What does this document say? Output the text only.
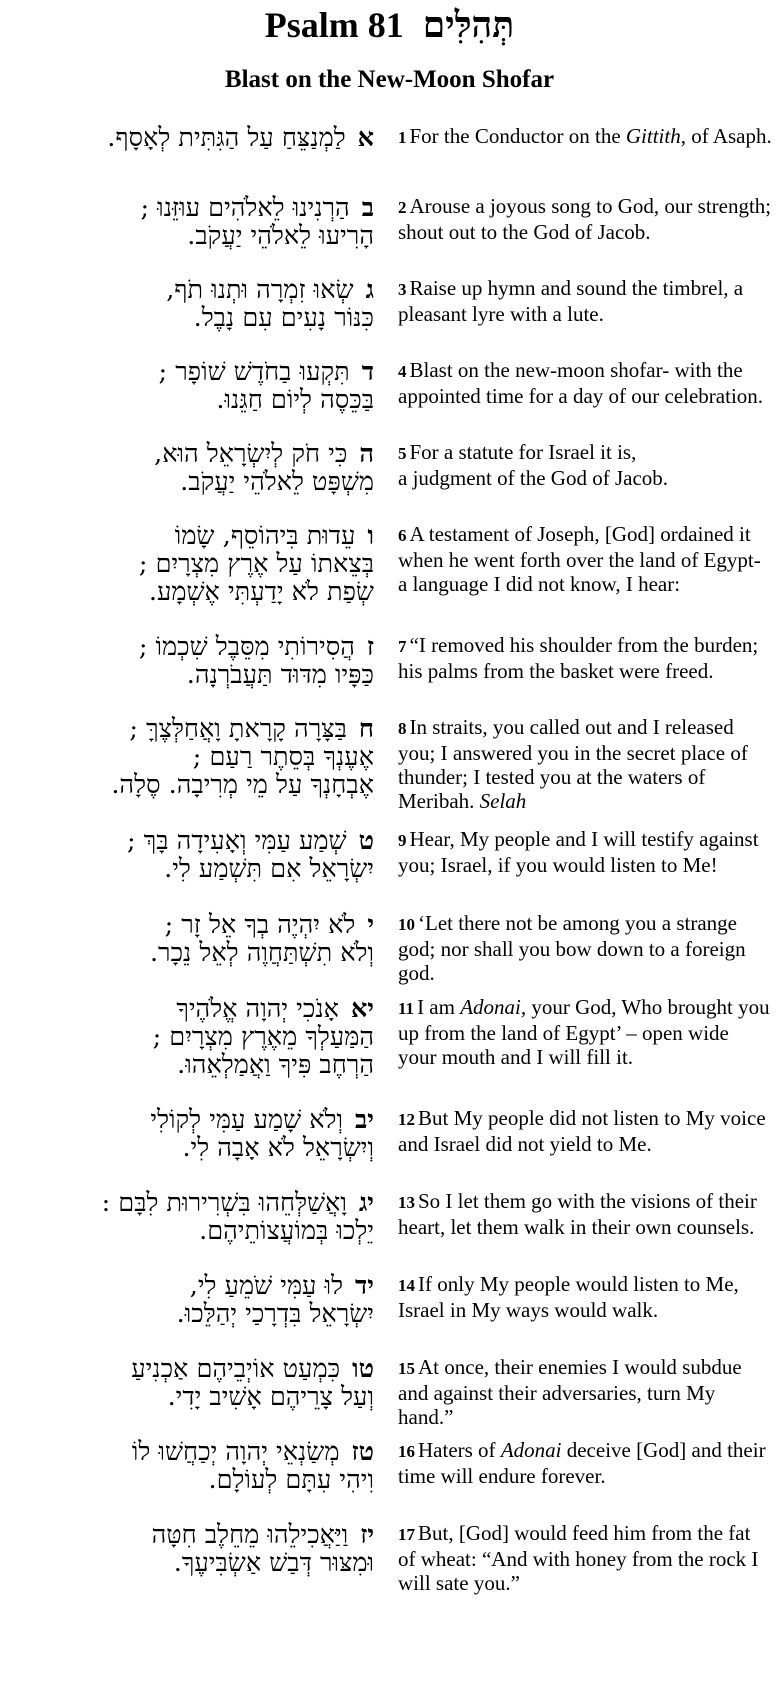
Psalm 81 תְּהִלִּים
Blast on the New-Moon Shofar
אלַמְנַצֵּחַ עַל הַגִּתִּית לְאָסָף.	1 For the Conductor on the Gittith, of Asaph.
בהַרְנִינוּ לֵאלֹהִים עוּזֵּנוּ ;
הָרִיעוּ לֵאלֹהֵי יַעֲקֹב.
2 Arouse a joyous song to God, our strength; shout out to the God of Jacob.
גשְׂאוּ זִמְרָה וּתְנוּ תֹף,
כִּנּוֹר נָעִים עִם נָבֶל.
3 Raise up hymn and sound the timbrel, a pleasant lyre with a lute.
דתִּקְעוּ בַחֹדֶשׁ שׁוֹפָר ;
בַּכֵּסֶה לְיוֹם חַגֵּנוּ.
4 Blast on the new-moon shofar- with the appointed time for a day of our celebration.
הכִּי חֹק לְיִשְׂרָאֵל הוּא,
מִשְׁפָּט לֵאלֹהֵי יַעֲקֹב.
5 For a statute for Israel it is,
a judgment of the God of Jacob.
ועֵדוּת בִּיהוֹסֵף, שָׂמוֹ
בְּצֵאתוֹ עַל אֶרֶץ מִצְרָיִם ;
שְׂפַת לֹא יָדַעְתִּי אֶשְׁמָע.
6 A testament of Joseph, [God] ordained it when he went forth over the land of Egypt-
a language I did not know, I hear:
זהֲסִירוֹתִי מִסֵּבֶל שִׁכְמוֹ ;
כַּפָּיו מִדּוּד תַּעֲבֹרְנָה.
7 “I removed his shoulder from the burden; his palms from the basket were freed.
חבַּצָּרָה קָרָאתָ וָאֲחַלְּצֶךָּ ;
אֶעֶנְךָ בְּסֵתֶר רַעַם ;
אֶבְחָנְךָ עַל מֵי מְרִיבָה. סֶלָה.
8 In straits, you called out and I released you; I answered you in the secret place of thunder; I tested you at the waters of Meribah. Selah
טשְׁמַע עַמִּי וְאָעִידָה בָּךְ ;
יִשְׂרָאֵל אִם תִּשְׁמַע לִי.
9 Hear, My people and I will testify against you; Israel, if you would listen to Me!
ילֹא יִהְיֶה בְךָ אֵל זָר ;
וְלֹא תִשְׁתַּחֲוֶה לְאֵל נֵכָר.
10 ‘Let there not be among you a strange god; nor shall you bow down to a foreign god.
יאאָנֹכִי יְהוָה אֱלֹהֶיךָ
הַמַּעַלְךָ מֵאֶרֶץ מִצְרָיִם ;
הַרְחֶב פִּיךָ וַאֲמַלְאֵהוּ.
11 I am Adonai, your God, Who brought you up from the land of Egypt’ – open wide your mouth and I will fill it.
יבוְלֹא שָׁמַע עַמִּי לְקוֹלִי
וְיִשְׂרָאֵל לֹא אָבָה לִי.
12 But My people did not listen to My voice and Israel did not yield to Me.
יגוָאֲשַׁלְּחֵהוּ בִּשְׁרִירוּת לִבָּם :
יֵלְכוּ בְּמוֹעֲצוֹתֵיהֶם.
13 So I let them go with the visions of their heart, let them walk in their own counsels.
ידלוּ עַמִּי שֹׁמֵעַ לִי,
יִשְׂרָאֵל בִּדְרָכַי יְהַלֵּכוּ.
14 If only My people would listen to Me, Israel in My ways would walk.
טוכִּמְעַט אוֹיְבֵיהֶם אַכְנִיעַ
וְעַל צָרֵיהֶם אָשִׁיב יָדִי.
15 At once, their enemies I would subdue and against their adversaries, turn My hand.”
טזמְשַׂנְאֵי יְהוָה יְכַחֲשׁוּ לוֹ
וִיהִי עִתָּם לְעוֹלָם.
16 Haters of Adonai deceive [God] and their time will endure forever.
יזוַיַּאֲכִילֵהוּ מֵחֵלֶב חִטָּה
וּמִצּוּר דְּבַשׁ אַשְׂבִּיעֶךָ.
17 But, [God] would feed him from the fat of wheat: “And with honey from the rock I will sate you.”
